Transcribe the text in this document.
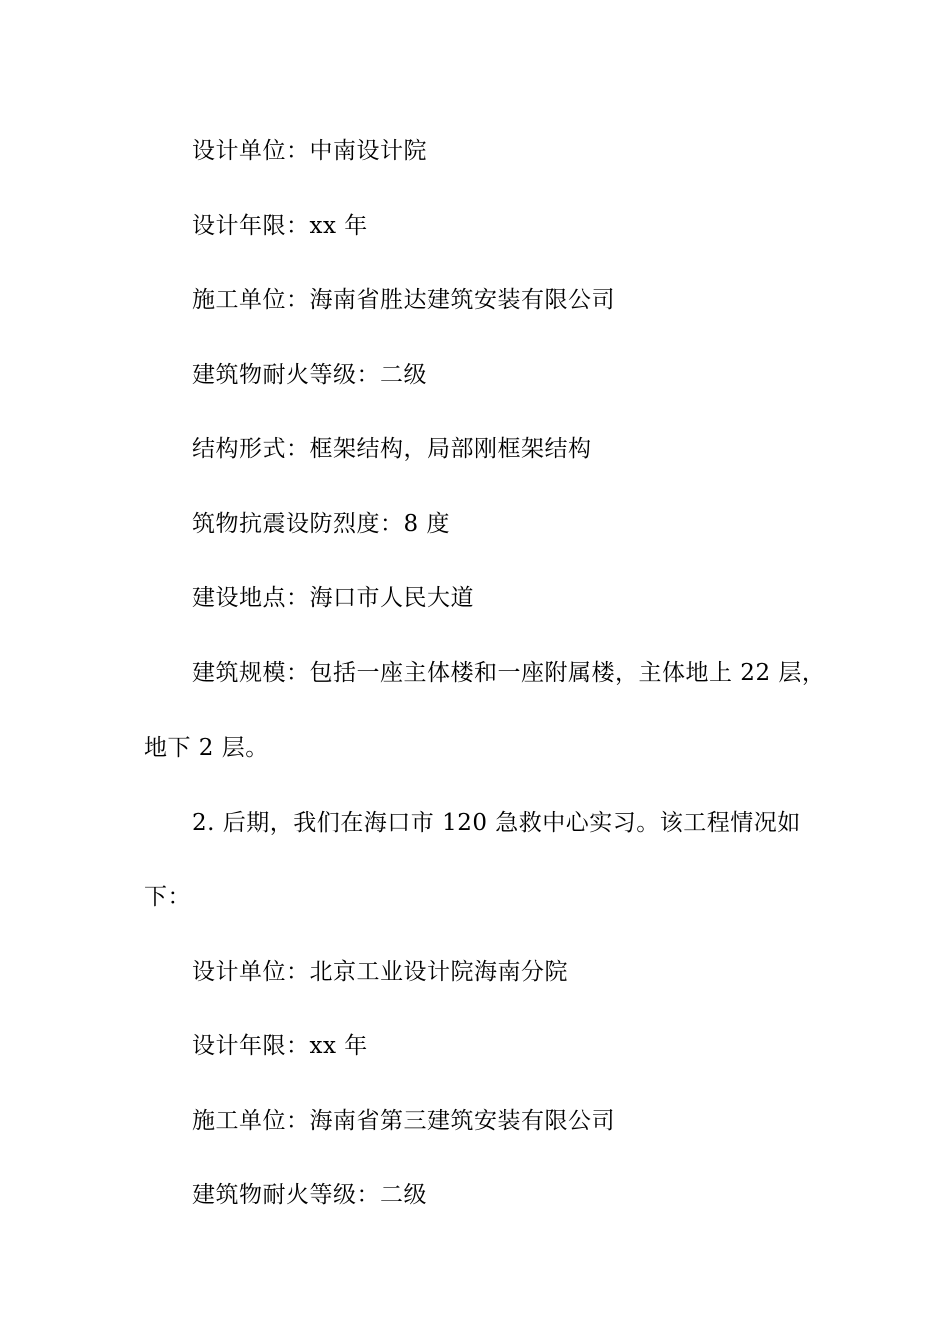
设计单位：中南设计院
设计年限：xx 年
施工单位：海南省胜达建筑安装有限公司
建筑物耐火等级：二级
结构形式：框架结构，局部刚框架结构
筑物抗震设防烈度：8 度
建设地点：海口市人民大道
建筑规模：包括一座主体楼和一座附属楼，主体地上 22 层，
地下 2 层。
2. 后期，我们在海口市 120 急救中心实习。该工程情况如
下：
设计单位：北京工业设计院海南分院
设计年限：xx 年
施工单位：海南省第三建筑安装有限公司
建筑物耐火等级：二级
